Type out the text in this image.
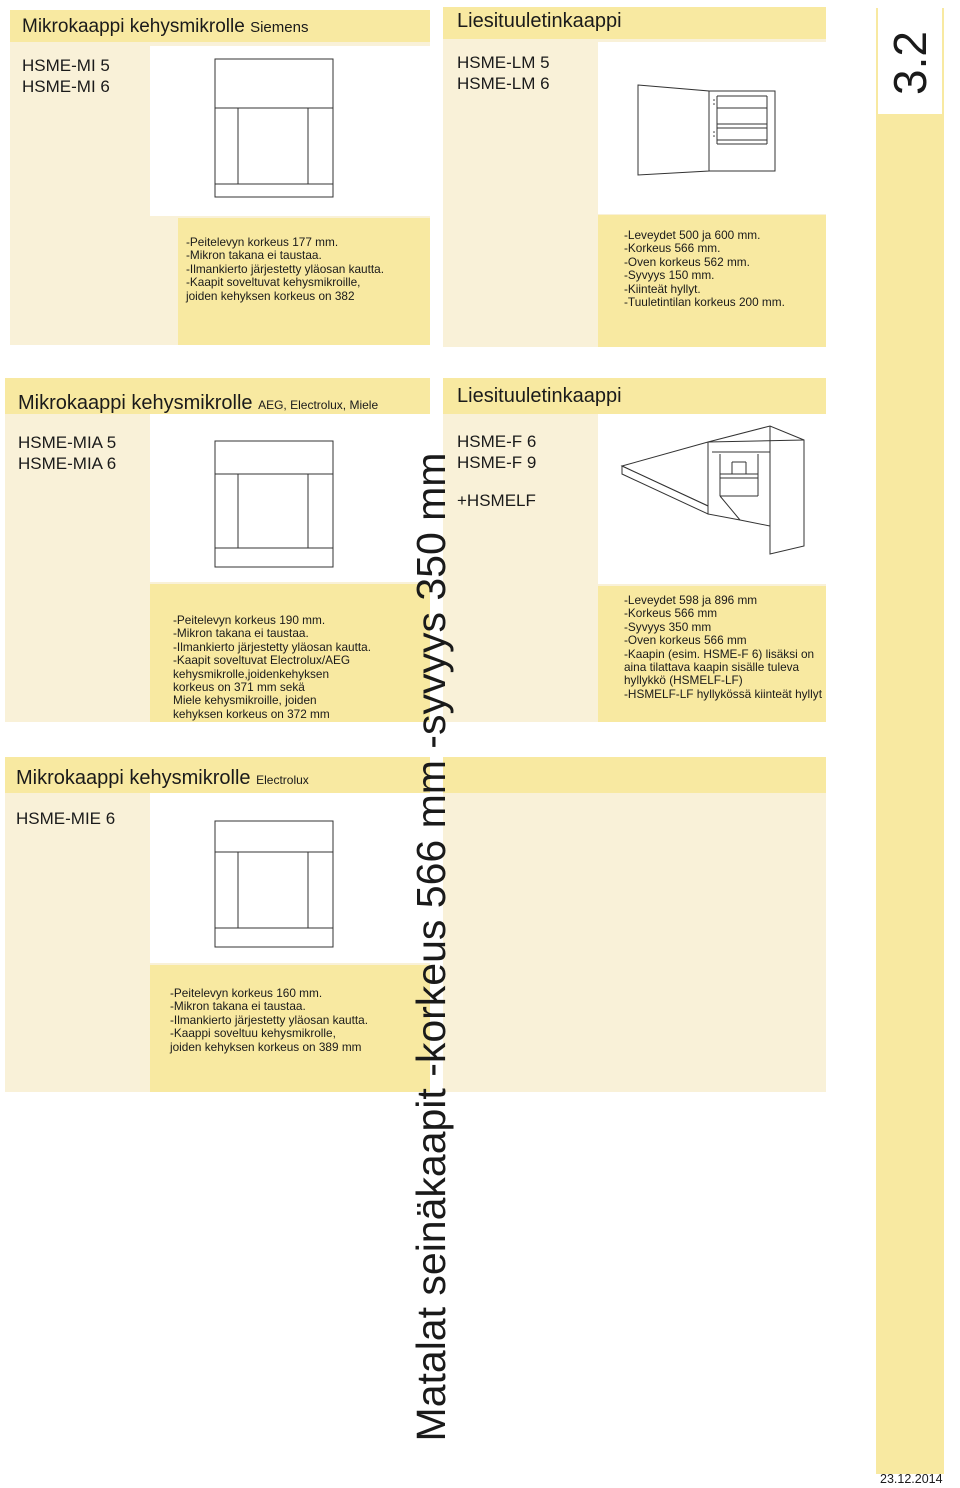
Mikrokaappi kehysmikrolle Siemens
HSME-MI 5
HSME-MI 6
-Peitelevyn korkeus 177 mm.
-Mikron takana ei taustaa.
-Ilmankierto järjestetty yläosan kautta.
-Kaapit soveltuvat kehysmikroille,
joiden kehyksen korkeus on 382
Liesituuletinkaappi
HSME-LM 5
HSME-LM 6
-Leveydet 500 ja 600 mm.
-Korkeus 566 mm.
-Oven korkeus 562 mm.
-Syvyys 150 mm.
-Kiinteät hyllyt.
-Tuuletintilan korkeus 200 mm.
Mikrokaappi kehysmikrolle AEG, Electrolux, Miele
HSME-MIA 5
HSME-MIA 6
-Peitelevyn korkeus 190 mm.
-Mikron takana ei taustaa.
-Ilmankierto järjestetty yläosan kautta.
-Kaapit soveltuvat Electrolux/AEG
kehysmikrolle,joidenkehyksen
korkeus on 371 mm sekä
Miele kehysmikroille, joiden
kehyksen korkeus on 372 mm
Liesituuletinkaappi
HSME-F 6
HSME-F 9
+HSMELF
-Leveydet 598 ja 896 mm
-Korkeus 566 mm
-Syvyys 350 mm
-Oven korkeus 566 mm
-Kaapin (esim. HSME-F 6) lisäksi on
aina tilattava kaapin sisälle tuleva
hyllykkö (HSMELF-LF)
-HSMELF-LF hyllykössä kiinteät hyllyt
Mikrokaappi kehysmikrolle Electrolux
HSME-MIE 6
-Peitelevyn korkeus 160 mm.
-Mikron takana ei taustaa.
-Ilmankierto järjestetty yläosan kautta.
-Kaappi soveltuu kehysmikrolle,
joiden kehyksen korkeus on 389 mm
3.2
Matalat seinäkaapit -korkeus 566 mm -syvyys 350 mm
23.12.2014
